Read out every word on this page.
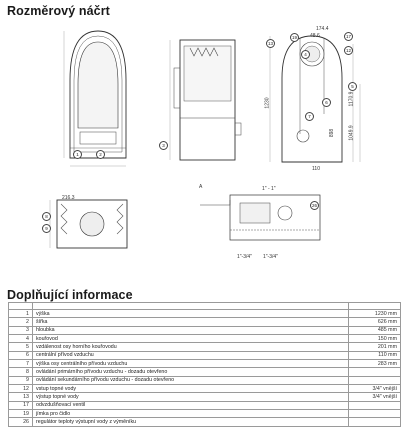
Rozměrový náčrt
174.4
48.6
1230	1170.9
1049.9
898
110
216.3
A	1" - 1"
1"-3/4" 1"-3/4"
13
19	17
12
4
5
6
7
1	2
3
8
9
26
Doplňující informace

1	výška	1230 mm
2	šířka	626 mm
3	hloubka	485 mm
4	kouřovod	150 mm
5	vzdálenost osy horního kouřovodu	201 mm
6	centrální přívod vzduchu	110 mm
7	výška osy centrálního přívodu vzduchu	283 mm
8	ovládání primárního přívodu vzduchu - dozadu otevřeno	
9	ovládání sekundárního přívodu vzduchu - dozadu otevřeno	
12	vstup topné vody	3/4" vnější
13	výstup topné vody	3/4" vnější
17	odvzdušňovací ventil	
19	jímka pro čidlo	
26	regulátor teploty výstupní vody z výměníku	
